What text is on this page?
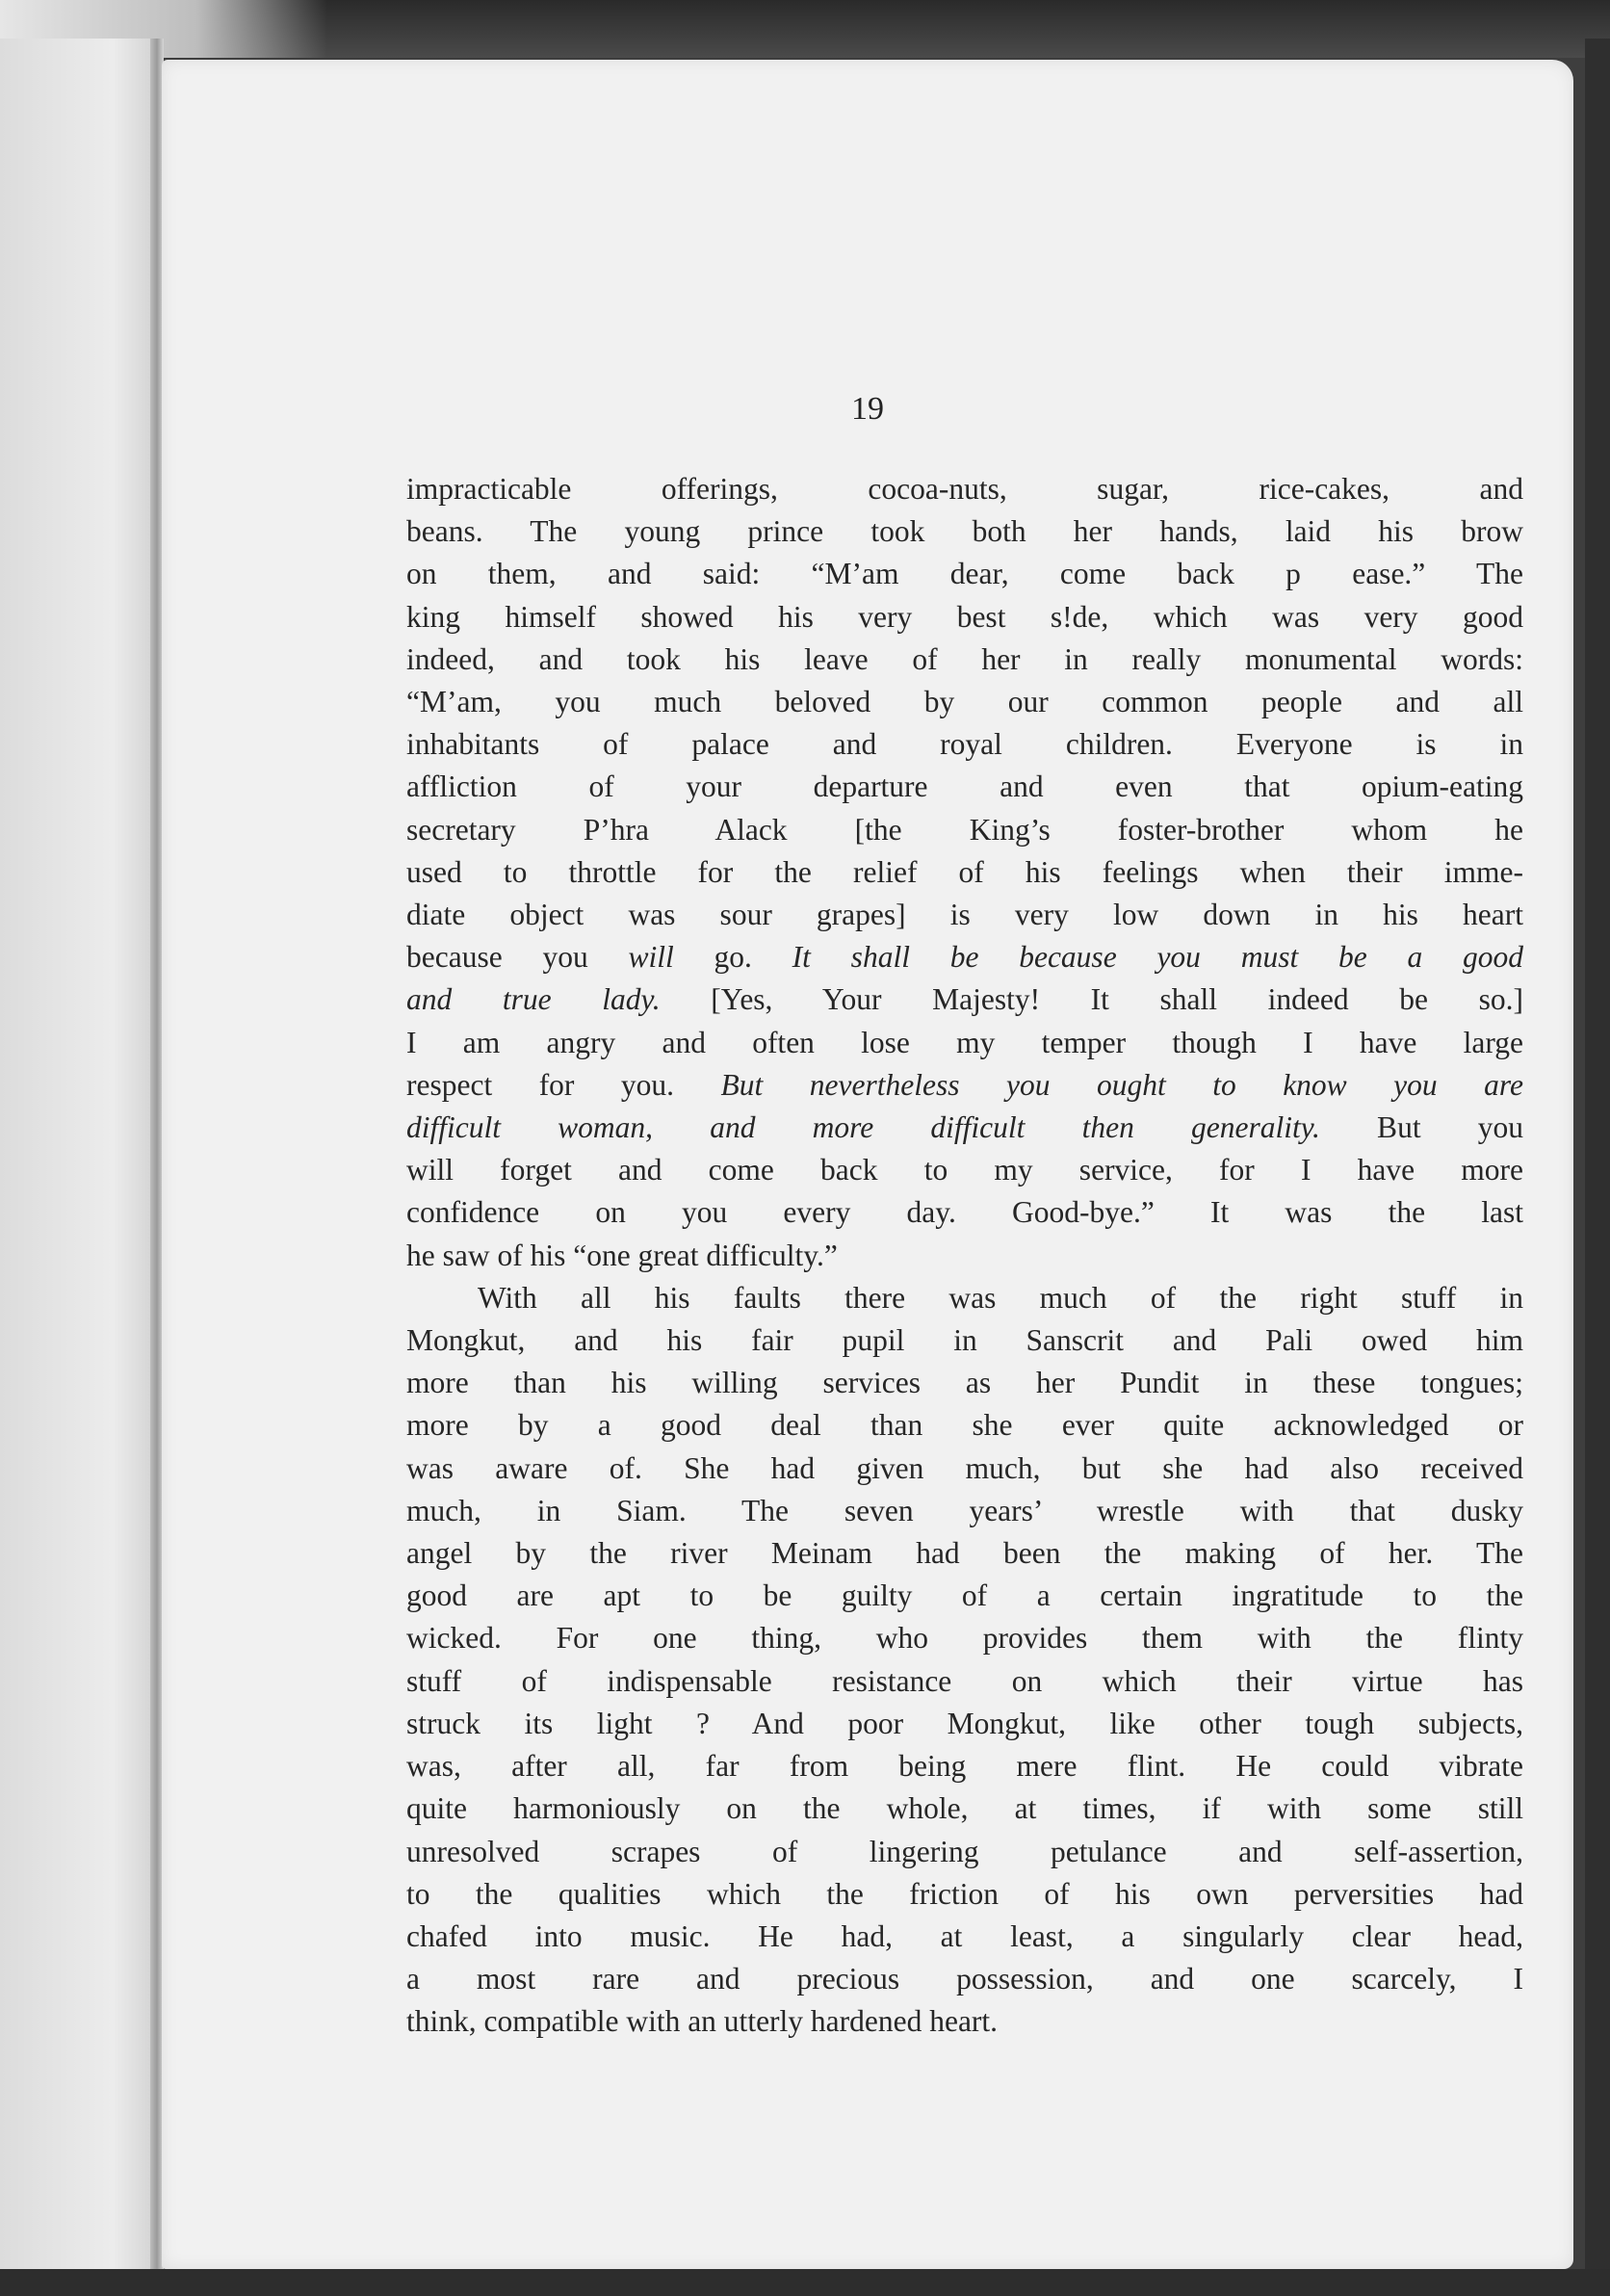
19

impracticable offerings, cocoa-nuts, sugar, rice-cakes, and
beans. The young prince took both her hands, laid his brow
on them, and said: “M’am dear, come back p ease.” The
king himself showed his very best s!de, which was very good
indeed, and took his leave of her in really monumental words:
“M’am, you much beloved by our common people and all
inhabitants of palace and royal children. Everyone is in
affliction of your departure and even that opium-eating
secretary P’hra Alack [the King’s foster-brother whom he
used to throttle for the relief of his feelings when their imme-
diate object was sour grapes] is very low down in his heart
because you will go. It shall be because you must be a good
and true lady. [Yes, Your Majesty! It shall indeed be so.]
I am angry and often lose my temper though I have large
respect for you. But nevertheless you ought to know you are
difficult woman, and more difficult then generality. But you
will forget and come back to my service, for I have more
confidence on you every day. Good-bye.” It was the last
he saw of his “one great difficulty.”

With all his faults there was much of the right stuff in
Mongkut, and his fair pupil in Sanscrit and Pali owed him
more than his willing services as her Pundit in these tongues;
more by a good deal than she ever quite acknowledged or
was aware of. She had given much, but she had also received
much, in Siam. The seven years’ wrestle with that dusky
angel by the river Meinam had been the making of her. The
good are apt to be guilty of a certain ingratitude to the
wicked. For one thing, who provides them with the flinty
stuff of indispensable resistance on which their virtue has
struck its light ? And poor Mongkut, like other tough subjects,
was, after all, far from being mere flint. He could vibrate
quite harmoniously on the whole, at times, if with some still
unresolved scrapes of lingering petulance and self-assertion,
to the qualities which the friction of his own perversities had
chafed into music. He had, at least, a singularly clear head,
a most rare and precious possession, and one scarcely, I
think, compatible with an utterly hardened heart.
